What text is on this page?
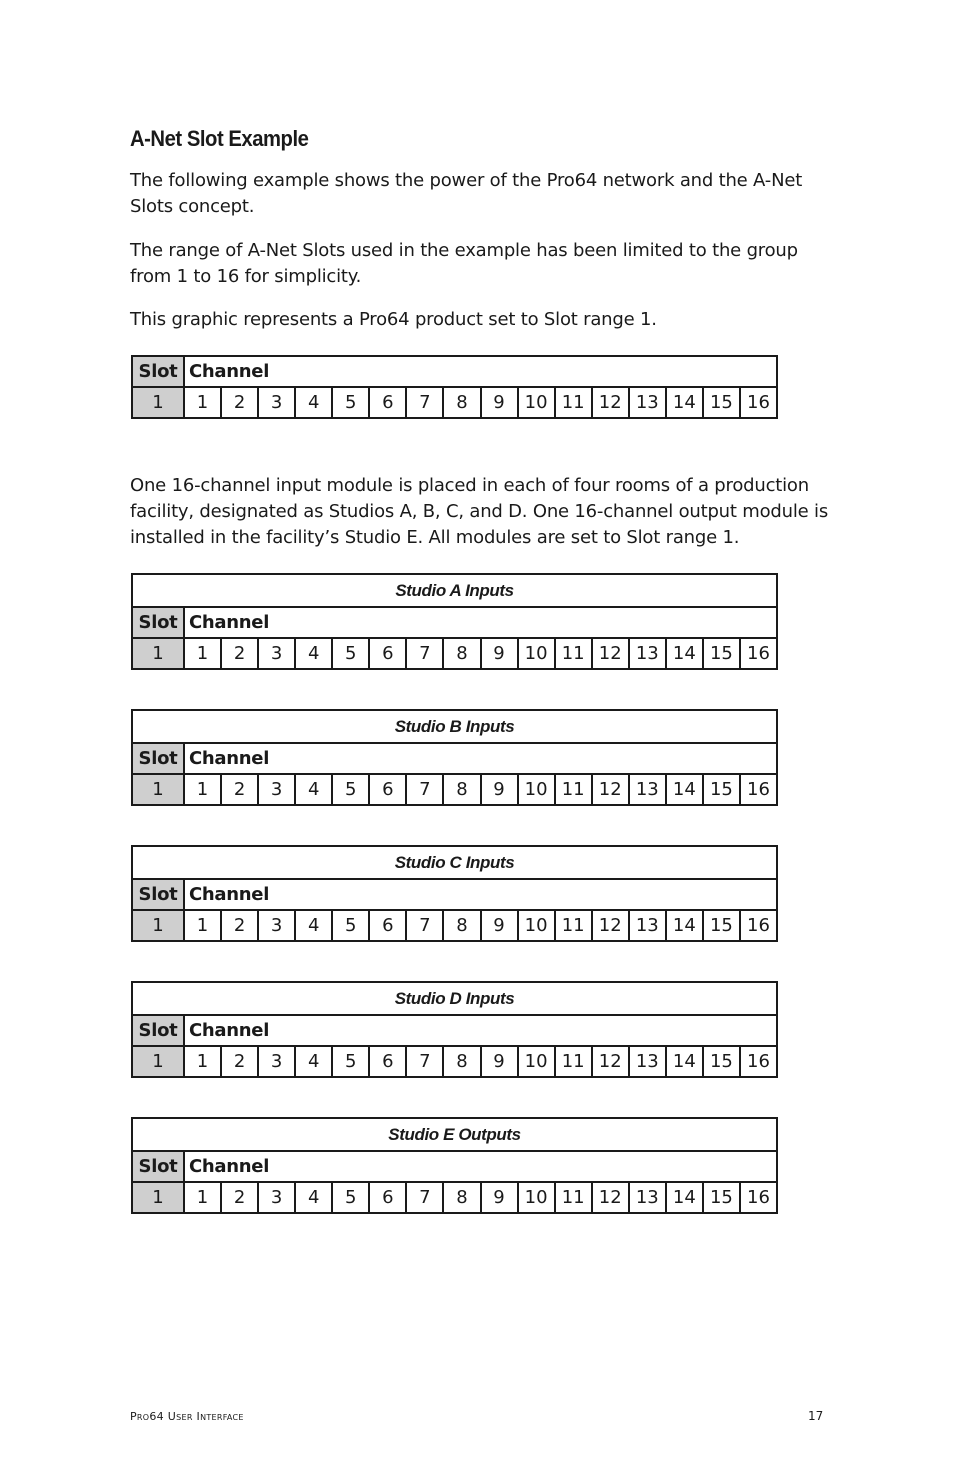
A-Net Slot Example

The following example shows the power of the Pro64 network and the A-Net Slots concept.

The range of A-Net Slots used in the example has been limited to the group from 1 to 16 for simplicity.

This graphic represents a Pro64 product set to Slot range 1.

Slot	Channel															
1	1	2	3	4	5	6	7	8	9	10	11	12	13	14	15	16
Studio A Inputs																
Slot	Channel															
1	1	2	3	4	5	6	7	8	9	10	11	12	13	14	15	16
Studio B Inputs																
Slot	Channel															
1	1	2	3	4	5	6	7	8	9	10	11	12	13	14	15	16
Studio C Inputs																
Slot	Channel															
1	1	2	3	4	5	6	7	8	9	10	11	12	13	14	15	16
Studio D Inputs																
Slot	Channel															
1	1	2	3	4	5	6	7	8	9	10	11	12	13	14	15	16
Studio E Outputs																
Slot	Channel															
1	1	2	3	4	5	6	7	8	9	10	11	12	13	14	15	16

One 16-channel input module is placed in each of four rooms of a production facility, designated as Studios A, B, C, and D. One 16-channel output module is installed in the facility’s Studio E. All modules are set to Slot range 1.

Pro64 User Interface	17
